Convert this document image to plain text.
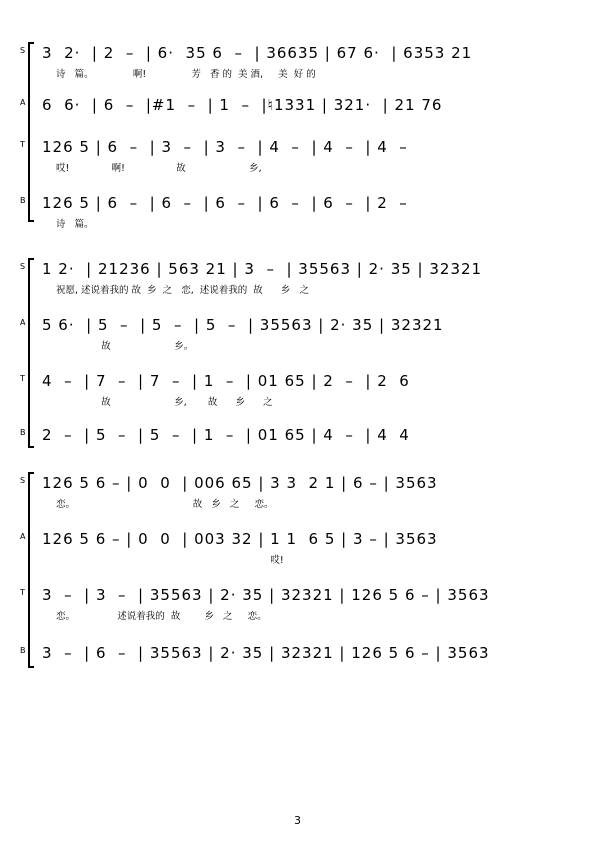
S 3  2·  | 2  –  | 6·  35 6  –  | 36635 | 67 6·  | 6353 21
诗   篇。             啊!               芳   香 的  美 酒,     美  好 的
A 6  6·  | 6  –  |#1  –  | 1  –  |♮1331 | 321·  | 21 76
T 126 5 | 6  –  | 3  –  | 3  –  | 4  –  | 4  –  | 4  –
哎!              啊!                 故                     乡,
B 126 5 | 6  –  | 6  –  | 6  –  | 6  –  | 6  –  | 2  –
诗   篇。
S 1 2·  | 21236 | 563 21 | 3  –  | 35563 | 2· 35 | 32321
祝愿, 述说着我的 故  乡  之   恋,  述说着我的  故      乡   之
A 5 6·  | 5  –  | 5  –  | 5  –  | 35563 | 2· 35 | 32321
故                     乡。
T 4  –  | 7  –  | 7  –  | 1  –  | 01 65 | 2  –  | 2  6
故                     乡,       故      乡      之
B 2  –  | 5  –  | 5  –  | 1  –  | 01 65 | 4  –  | 4  4
S 126 5 6 – | 0  0  | 006 65 | 3 3  2 1 | 6 – | 3563
恋。                                       故   乡   之     恋。
A 126 5 6 – | 0  0  | 003 32 | 1 1  6 5 | 3 – | 3563
哎!
T 3  –  | 3  –  | 35563 | 2· 35 | 32321 | 126 5 6 – | 3563
恋。              述说着我的  故        乡   之     恋。
B 3  –  | 6  –  | 35563 | 2· 35 | 32321 | 126 5 6 – | 3563
3
